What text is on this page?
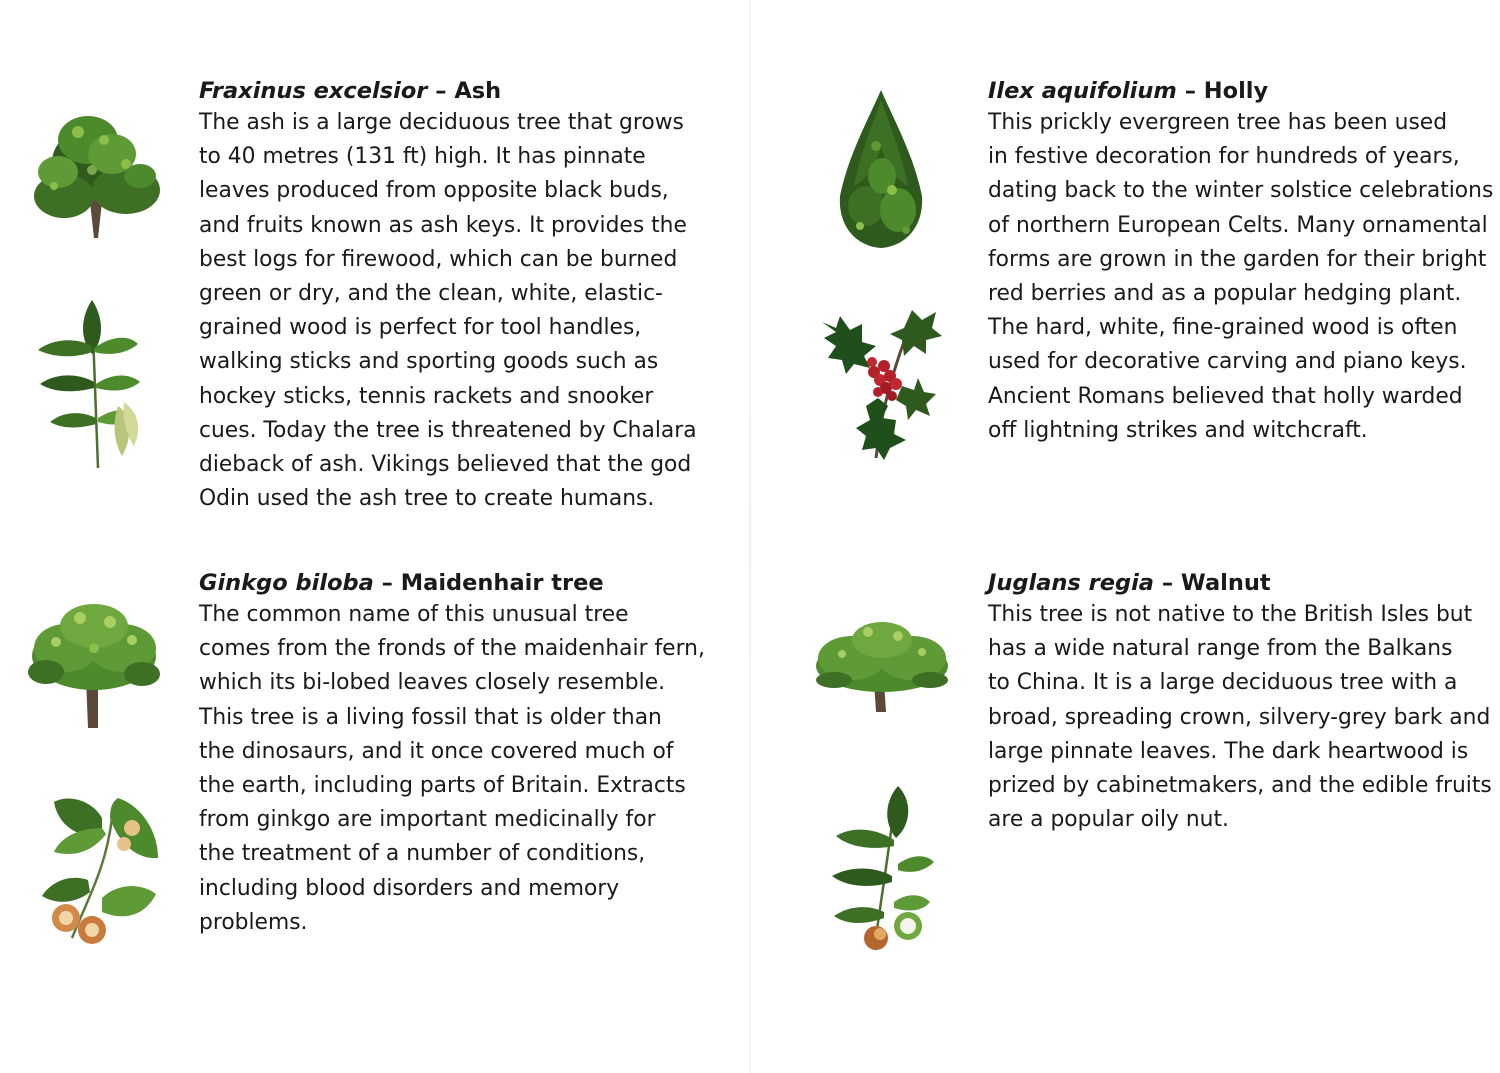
Fraxinus excelsior – Ash

The ash is a large deciduous tree that grows
to 40 metres (131 ft) high. It has pinnate
leaves produced from opposite black buds,
and fruits known as ash keys. It provides the
best logs for firewood, which can be burned
green or dry, and the clean, white, elastic-
grained wood is perfect for tool handles,
walking sticks and sporting goods such as
hockey sticks, tennis rackets and snooker
cues. Today the tree is threatened by Chalara
dieback of ash. Vikings believed that the god
Odin used the ash tree to create humans.

Ilex aquifolium – Holly

This prickly evergreen tree has been used
in festive decoration for hundreds of years,
dating back to the winter solstice celebrations
of northern European Celts. Many ornamental
forms are grown in the garden for their bright
red berries and as a popular hedging plant.
The hard, white, fine-grained wood is often
used for decorative carving and piano keys.
Ancient Romans believed that holly warded
off lightning strikes and witchcraft.

Ginkgo biloba – Maidenhair tree

The common name of this unusual tree
comes from the fronds of the maidenhair fern,
which its bi-lobed leaves closely resemble.
This tree is a living fossil that is older than
the dinosaurs, and it once covered much of
the earth, including parts of Britain. Extracts
from ginkgo are important medicinally for
the treatment of a number of conditions,
including blood disorders and memory
problems.

Juglans regia – Walnut

This tree is not native to the British Isles but
has a wide natural range from the Balkans
to China. It is a large deciduous tree with a
broad, spreading crown, silvery-grey bark and
large pinnate leaves. The dark heartwood is
prized by cabinetmakers, and the edible fruits
are a popular oily nut.
